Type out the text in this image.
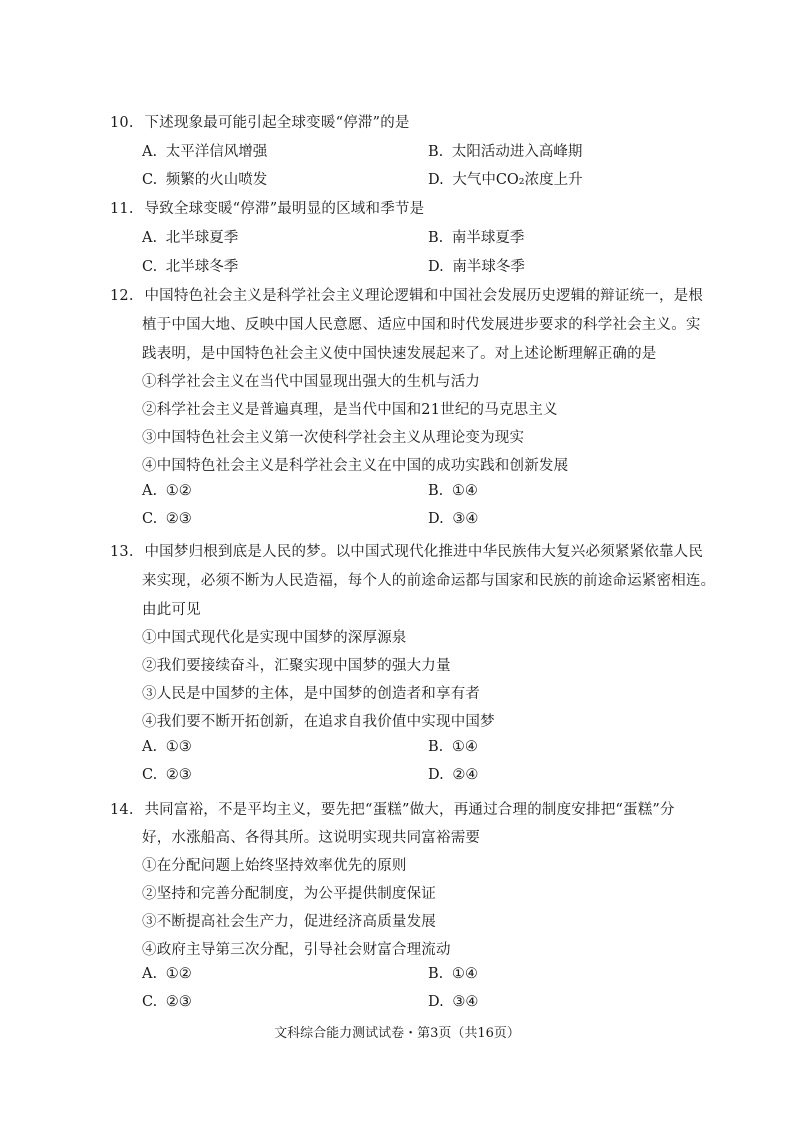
10. 下述现象最可能引起全球变暖“停滞”的是
A. 太平洋信风增强	B. 太阳活动进入高峰期
C. 频繁的火山喷发	D. 大气中CO₂浓度上升
11. 导致全球变暖“停滞”最明显的区域和季节是
A. 北半球夏季	B. 南半球夏季
C. 北半球冬季	D. 南半球冬季
12. 中国特色社会主义是科学社会主义理论逻辑和中国社会发展历史逻辑的辩证统一，是根
植于中国大地、反映中国人民意愿、适应中国和时代发展进步要求的科学社会主义。实
践表明，是中国特色社会主义使中国快速发展起来了。对上述论断理解正确的是
①科学社会主义在当代中国显现出强大的生机与活力
②科学社会主义是普遍真理，是当代中国和21世纪的马克思主义
③中国特色社会主义第一次使科学社会主义从理论变为现实
④中国特色社会主义是科学社会主义在中国的成功实践和创新发展
A. ①②	B. ①④
C. ②③	D. ③④
13. 中国梦归根到底是人民的梦。以中国式现代化推进中华民族伟大复兴必须紧紧依靠人民
来实现，必须不断为人民造福，每个人的前途命运都与国家和民族的前途命运紧密相连。
由此可见
①中国式现代化是实现中国梦的深厚源泉
②我们要接续奋斗，汇聚实现中国梦的强大力量
③人民是中国梦的主体，是中国梦的创造者和享有者
④我们要不断开拓创新，在追求自我价值中实现中国梦
A. ①③	B. ①④
C. ②③	D. ②④
14. 共同富裕，不是平均主义，要先把“蛋糕”做大，再通过合理的制度安排把“蛋糕”分
好，水涨船高、各得其所。这说明实现共同富裕需要
①在分配问题上始终坚持效率优先的原则
②坚持和完善分配制度，为公平提供制度保证
③不断提高社会生产力，促进经济高质量发展
④政府主导第三次分配，引导社会财富合理流动
A. ①②	B. ①④
C. ②③	D. ③④
文科综合能力测试试卷・第3页（共16页）
